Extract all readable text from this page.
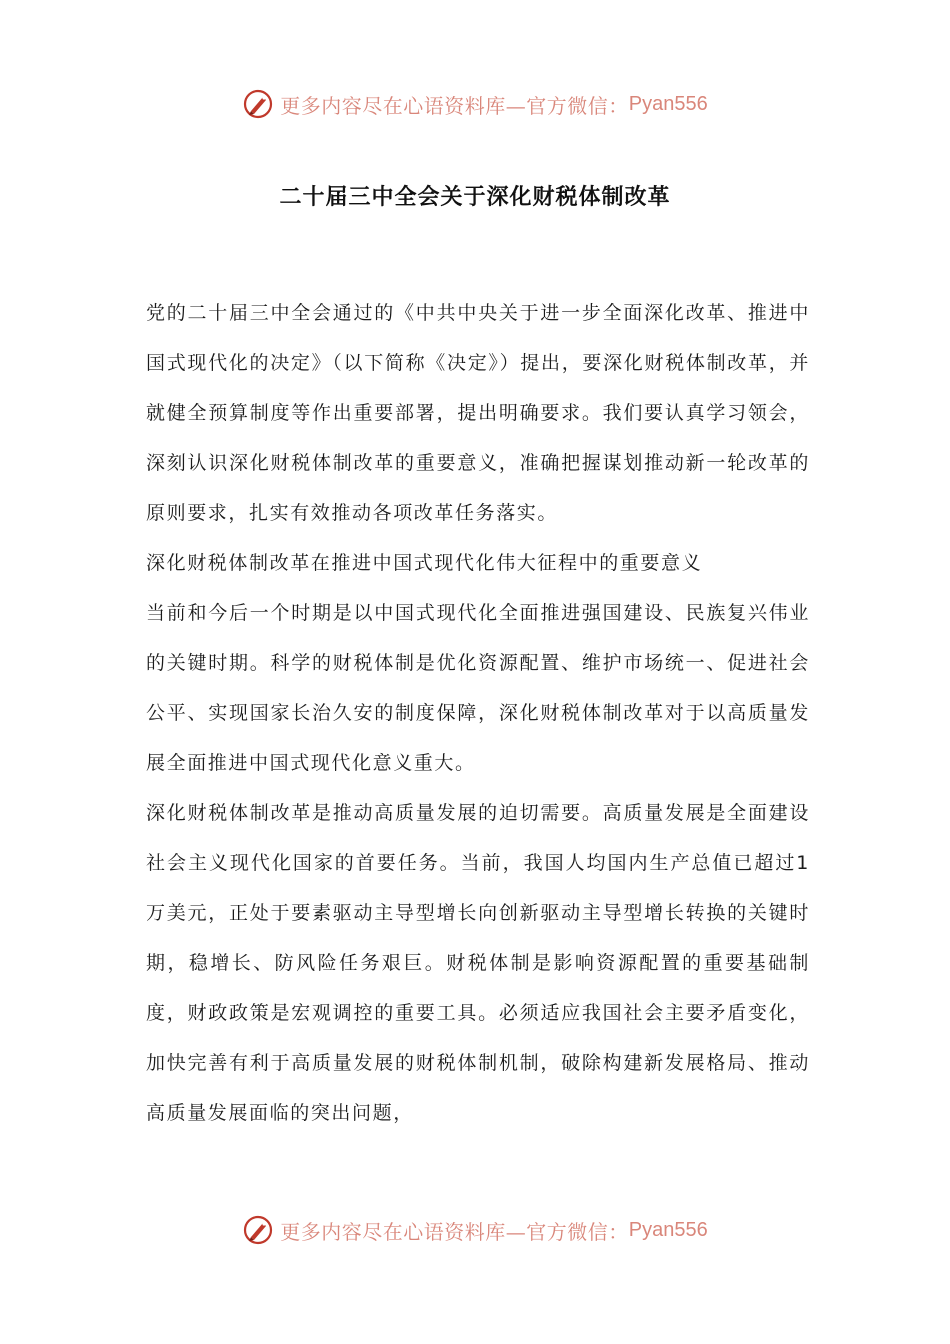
更多内容尽在心语资料库—官方微信： Pyan556
二十届三中全会关于深化财税体制改革

党的二十届三中全会通过的《中共中央关于进一步全面深化改革、推进中国式现代化的决定》（以下简称《决定》）提出，要深化财税体制改革，并就健全预算制度等作出重要部署，提出明确要求。我们要认真学习领会，深刻认识深化财税体制改革的重要意义，准确把握谋划推动新一轮改革的原则要求，扎实有效推动各项改革任务落实。

深化财税体制改革在推进中国式现代化伟大征程中的重要意义

当前和今后一个时期是以中国式现代化全面推进强国建设、民族复兴伟业的关键时期。科学的财税体制是优化资源配置、维护市场统一、促进社会公平、实现国家长治久安的制度保障，深化财税体制改革对于以高质量发展全面推进中国式现代化意义重大。

深化财税体制改革是推动高质量发展的迫切需要。高质量发展是全面建设社会主义现代化国家的首要任务。当前，我国人均国内生产总值已超过1万美元，正处于要素驱动主导型增长向创新驱动主导型增长转换的关键时期，稳增长、防风险任务艰巨。财税体制是影响资源配置的重要基础制度，财政政策是宏观调控的重要工具。必须适应我国社会主要矛盾变化，加快完善有利于高质量发展的财税体制机制，破除构建新发展格局、推动高质量发展面临的突出问题，

更多内容尽在心语资料库—官方微信： Pyan556
